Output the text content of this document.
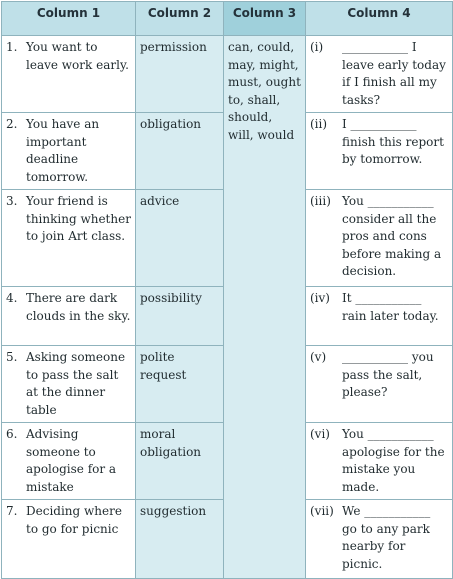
Column 1	Column 2	Column 3	Column 4

1. You want to leave work early.	permission	can, could, may, might, must, ought to, shall, should, will, would	(i) ___________ I leave early today if I finish all my tasks?

2. You have an important deadline tomorrow.	obligation		(ii) I ___________ finish this report by tomorrow.

3. Your friend is thinking whether to join Art class.	advice		(iii) You ___________ consider all the pros and cons before making a decision.

4. There are dark clouds in the sky.	possibility		(iv) It ___________ rain later today.

5. Asking someone to pass the salt at the dinner table	polite request		(v) ___________ you pass the salt, please?

6. Advising someone to apologise for a mistake	moral obligation		(vi) You ___________ apologise for the mistake you made.

7. Deciding where to go for picnic	suggestion		(vii) We ___________ go to any park nearby for picnic.
